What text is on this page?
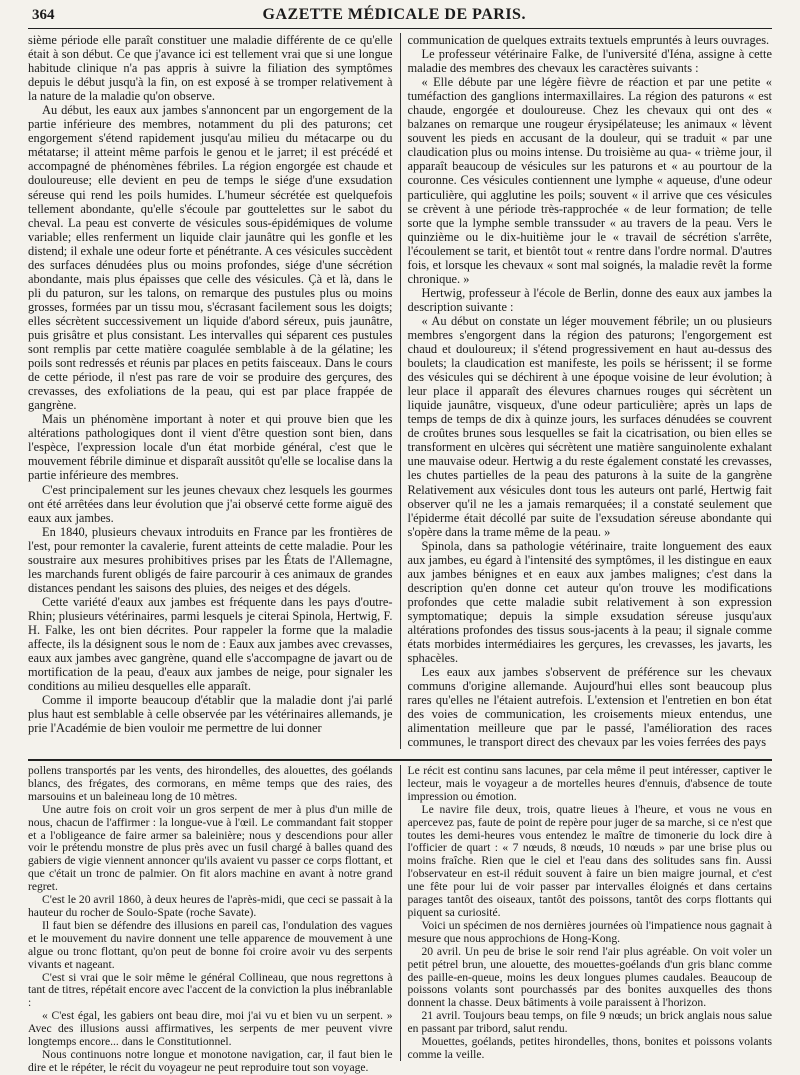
364	GAZETTE MÉDICALE DE PARIS.

sième période elle paraît constituer une maladie différente de ce qu'elle était à son début. Ce que j'avance ici est tellement vrai que si une longue habitude clinique n'a pas appris à suivre la filiation des symptômes depuis le début jusqu'à la fin, on est exposé à se tromper relativement à la nature de la maladie qu'on observe.

Au début, les eaux aux jambes s'annoncent par un engorgement de la partie inférieure des membres, notamment du pli des paturons; cet engorgement s'étend rapidement jusqu'au milieu du métacarpe ou du métatarse; il atteint même parfois le genou et le jarret; il est précédé et accompagné de phénomènes fébriles. La région engorgée est chaude et douloureuse; elle devient en peu de temps le siége d'une exsudation séreuse qui rend les poils humides. L'humeur sécrétée est quelquefois tellement abondante, qu'elle s'écoule par gouttelettes sur le sabot du cheval. La peau est converte de vésicules sous-épidémiques de volume variable; elles renferment un liquide clair jaunâtre qui les gonfle et les distend; il exhale une odeur forte et pénétrante. A ces vésicules succèdent des surfaces dénudées plus ou moins profondes, siége d'une sécrétion abondante, mais plus épaisses que celle des vésicules. Çà et là, dans le pli du paturon, sur les talons, on remarque des pustules plus ou moins grosses, formées par un tissu mou, s'écrasant facilement sous les doigts; elles sécrètent successivement un liquide d'abord séreux, puis jaunâtre, puis grisâtre et plus consistant. Les intervalles qui séparent ces pustules sont remplis par cette matière coagulée semblable à de la gélatine; les poils sont redressés et réunis par places en petits faisceaux. Dans le cours de cette période, il n'est pas rare de voir se produire des gerçures, des crevasses, des exfoliations de la peau, qui est par place frappée de gangrène.

Mais un phénomène important à noter et qui prouve bien que les altérations pathologiques dont il vient d'être question sont bien, dans l'espèce, l'expression locale d'un état morbide général, c'est que le mouvement fébrile diminue et disparaît aussitôt qu'elle se localise dans la partie inférieure des membres.

C'est principalement sur les jeunes chevaux chez lesquels les gourmes ont été arrêtées dans leur évolution que j'ai observé cette forme aiguë des eaux aux jambes.

En 1840, plusieurs chevaux introduits en France par les frontières de l'est, pour remonter la cavalerie, furent atteints de cette maladie. Pour les soustraire aux mesures prohibitives prises par les États de l'Allemagne, les marchands furent obligés de faire parcourir à ces animaux de grandes distances pendant les saisons des pluies, des neiges et des dégels.

Cette variété d'eaux aux jambes est fréquente dans les pays d'outre-Rhin; plusieurs vétérinaires, parmi lesquels je citerai Spinola, Hertwig, F. H. Falke, les ont bien décrites. Pour rappeler la forme que la maladie affecte, ils la désignent sous le nom de : Eaux aux jambes avec crevasses, eaux aux jambes avec gangrène, quand elle s'accompagne de javart ou de mortification de la peau, d'eaux aux jambes de neige, pour signaler les conditions au milieu desquelles elle apparaît.

Comme il importe beaucoup d'établir que la maladie dont j'ai parlé plus haut est semblable à celle observée par les vétérinaires allemands, je prie l'Académie de bien vouloir me permettre de lui donner

communication de quelques extraits textuels empruntés à leurs ouvrages.

Le professeur vétérinaire Falke, de l'université d'Iéna, assigne à cette maladie des membres des chevaux les caractères suivants :

« Elle débute par une légère fièvre de réaction et par une petite « tuméfaction des ganglions intermaxillaires. La région des paturons « est chaude, engorgée et douloureuse. Chez les chevaux qui ont des « balzanes on remarque une rougeur érysipélateuse; les animaux « lèvent souvent les pieds en accusant de la douleur, qui se traduit « par une claudication plus ou moins intense. Du troisième au qua- « trième jour, il apparaît beaucoup de vésicules sur les paturons et « au pourtour de la couronne. Ces vésicules contiennent une lymphe « aqueuse, d'une odeur particulière, qui agglutine les poils; souvent « il arrive que ces vésicules se crèvent à une période très-rapprochée « de leur formation; de telle sorte que la lymphe semble transsuder « au travers de la peau. Vers le quinzième ou le dix-huitième jour le « travail de sécrétion s'arrête, l'écoulement se tarit, et bientôt tout « rentre dans l'ordre normal. D'autres fois, et lorsque les chevaux « sont mal soignés, la maladie revêt la forme chronique. »

Hertwig, professeur à l'école de Berlin, donne des eaux aux jambes la description suivante :

« Au début on constate un léger mouvement fébrile; un ou plusieurs membres s'engorgent dans la région des paturons; l'engorgement est chaud et douloureux; il s'étend progressivement en haut au-dessus des boulets; la claudication est manifeste, les poils se hérissent; il se forme des vésicules qui se déchirent à une époque voisine de leur évolution; à leur place il apparaît des élevures charnues rouges qui sécrètent un liquide jaunâtre, visqueux, d'une odeur particulière; après un laps de temps de temps de dix à quinze jours, les surfaces dénudées se couvrent de croûtes brunes sous lesquelles se fait la cicatrisation, ou bien elles se transforment en ulcères qui sécrètent une matière sanguinolente exhalant une mauvaise odeur. Hertwig a du reste également constaté les crevasses, les chutes partielles de la peau des paturons à la suite de la gangrène Relativement aux vésicules dont tous les auteurs ont parlé, Hertwig fait observer qu'il ne les a jamais remarquées; il a constaté seulement que l'épiderme était décollé par suite de l'exsudation séreuse abondante qui s'opère dans la trame même de la peau. »

Spinola, dans sa pathologie vétérinaire, traite longuement des eaux aux jambes, eu égard à l'intensité des symptômes, il les distingue en eaux aux jambes bénignes et en eaux aux jambes malignes; c'est dans la description qu'en donne cet auteur qu'on trouve les modifications profondes que cette maladie subit relativement à son expression symptomatique; depuis la simple exsudation séreuse jusqu'aux altérations profondes des tissus sous-jacents à la peau; il signale comme états morbides intermédiaires les gerçures, les crevasses, les javarts, les sphacèles.

Les eaux aux jambes s'observent de préférence sur les chevaux communs d'origine allemande. Aujourd'hui elles sont beaucoup plus rares qu'elles ne l'étaient autrefois. L'extension et l'entretien en bon état des voies de communication, les croisements mieux entendus, une alimentation meilleure que par le passé, l'amélioration des races communes, le transport direct des chevaux par les voies ferrées des pays

pollens transportés par les vents, des hirondelles, des alouettes, des goélands blancs, des frégates, des cormorans, en même temps que des raies, des marsouins et un baleineau long de 10 mètres.

Une autre fois on croit voir un gros serpent de mer à plus d'un mille de nous, chacun de l'affirmer : la longue-vue à l'œil. Le commandant fait stopper et a l'obligeance de faire armer sa baleinière; nous y descendions pour aller voir le prétendu monstre de plus près avec un fusil chargé à balles quand des gabiers de vigie viennent annoncer qu'ils avaient vu passer ce corps flottant, et que c'était un tronc de palmier. On fit alors machine en avant à notre grand regret.

C'est le 20 avril 1860, à deux heures de l'après-midi, que ceci se passait à la hauteur du rocher de Soulo-Spate (roche Savate).

Il faut bien se défendre des illusions en pareil cas, l'ondulation des vagues et le mouvement du navire donnent une telle apparence de mouvement à une algue ou tronc flottant, qu'on peut de bonne foi croire avoir vu des serpents vivants et nageant.

C'est si vrai que le soir même le général Collineau, que nous regrettons à tant de titres, répétait encore avec l'accent de la conviction la plus inébranlable :

« C'est égal, les gabiers ont beau dire, moi j'ai vu et bien vu un serpent. » Avec des illusions aussi affirmatives, les serpents de mer peuvent vivre longtemps encore... dans le Constitutionnel.

Nous continuons notre longue et monotone navigation, car, il faut bien le dire et le répéter, le récit du voyageur ne peut reproduire tout son voyage.

Le récit est continu sans lacunes, par cela même il peut intéresser, captiver le lecteur, mais le voyageur a de mortelles heures d'ennuis, d'absence de toute impression ou émotion.

Le navire file deux, trois, quatre lieues à l'heure, et vous ne vous en apercevez pas, faute de point de repère pour juger de sa marche, si ce n'est que toutes les demi-heures vous entendez le maître de timonerie du lock dire à l'officier de quart : « 7 nœuds, 8 nœuds, 10 nœuds » par une brise plus ou moins fraîche. Rien que le ciel et l'eau dans des solitudes sans fin. Aussi l'observateur en est-il réduit souvent à faire un bien maigre journal, et c'est une fête pour lui de voir passer par intervalles éloignés et dans certains parages tantôt des oiseaux, tantôt des poissons, tantôt des corps flottants qui piquent sa curiosité.

Voici un spécimen de nos dernières journées où l'impatience nous gagnait à mesure que nous approchions de Hong-Kong.

20 avril. Un peu de brise le soir rend l'air plus agréable. On voit voler un petit pétrel brun, une alouette, des mouettes-goélands d'un gris blanc comme des paille-en-queue, moins les deux longues plumes caudales. Beaucoup de poissons volants sont pourchassés par des bonites auxquelles des thons donnent la chasse. Deux bâtiments à voile paraissent à l'horizon.

21 avril. Toujours beau temps, on file 9 nœuds; un brick anglais nous salue en passant par tribord, salut rendu.

Mouettes, goélands, petites hirondelles, thons, bonites et poissons volants comme la veille.
